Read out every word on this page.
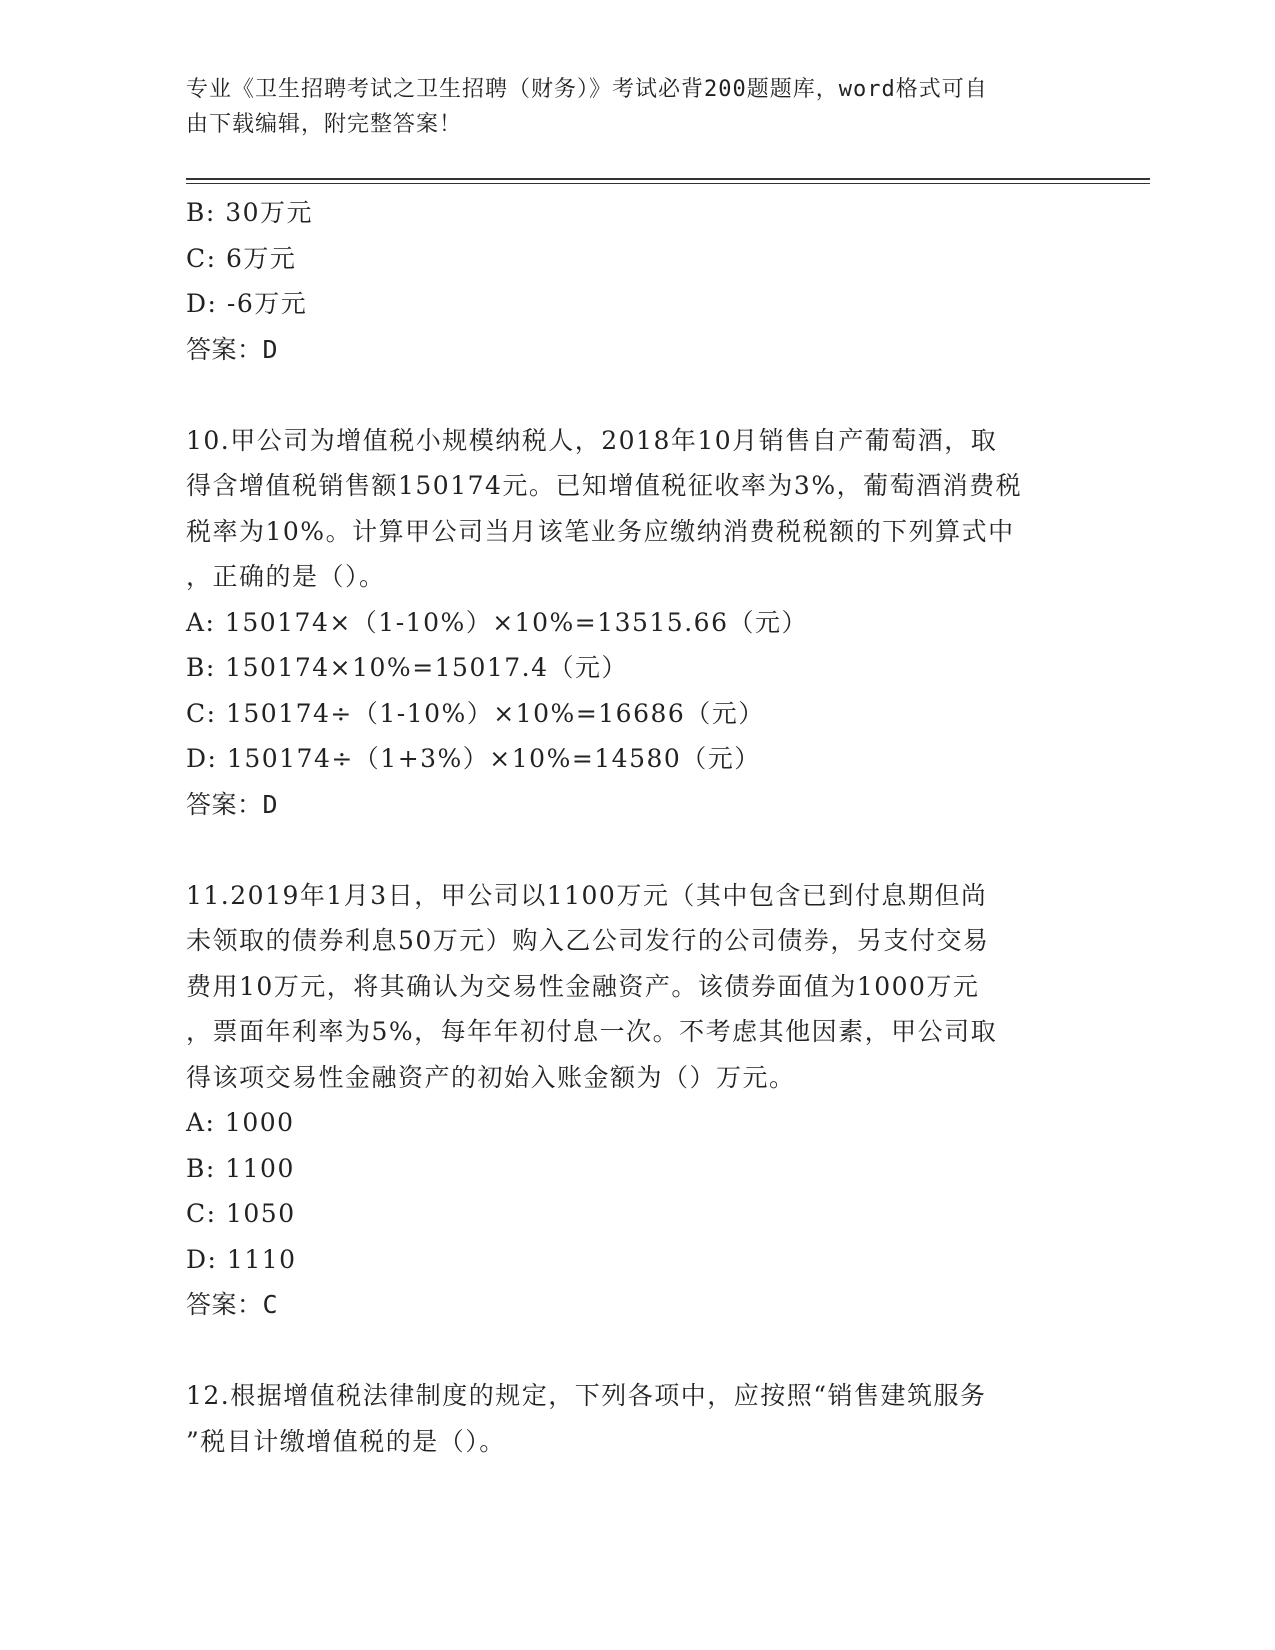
专业《卫生招聘考试之卫生招聘（财务）》考试必背200题题库，word格式可自
由下载编辑，附完整答案！
B: 30万元
C: 6万元
D: -6万元
答案：D
10.甲公司为增值税小规模纳税人，2018年10月销售自产葡萄酒，取
得含增值税销售额150174元。已知增值税征收率为3%，葡萄酒消费税
税率为10%。计算甲公司当月该笔业务应缴纳消费税税额的下列算式中
，正确的是（）。
A: 150174×（1-10%）×10%=13515.66（元）
B: 150174×10%=15017.4（元）
C: 150174÷（1-10%）×10%=16686（元）
D: 150174÷（1+3%）×10%=14580（元）
答案：D
11.2019年1月3日，甲公司以1100万元（其中包含已到付息期但尚
未领取的债券利息50万元）购入乙公司发行的公司债券，另支付交易
费用10万元，将其确认为交易性金融资产。该债券面值为1000万元
，票面年利率为5%，每年年初付息一次。不考虑其他因素，甲公司取
得该项交易性金融资产的初始入账金额为（）万元。
A: 1000
B: 1100
C: 1050
D: 1110
答案：C
12.根据增值税法律制度的规定，下列各项中，应按照“销售建筑服务
”税目计缴增值税的是（）。
